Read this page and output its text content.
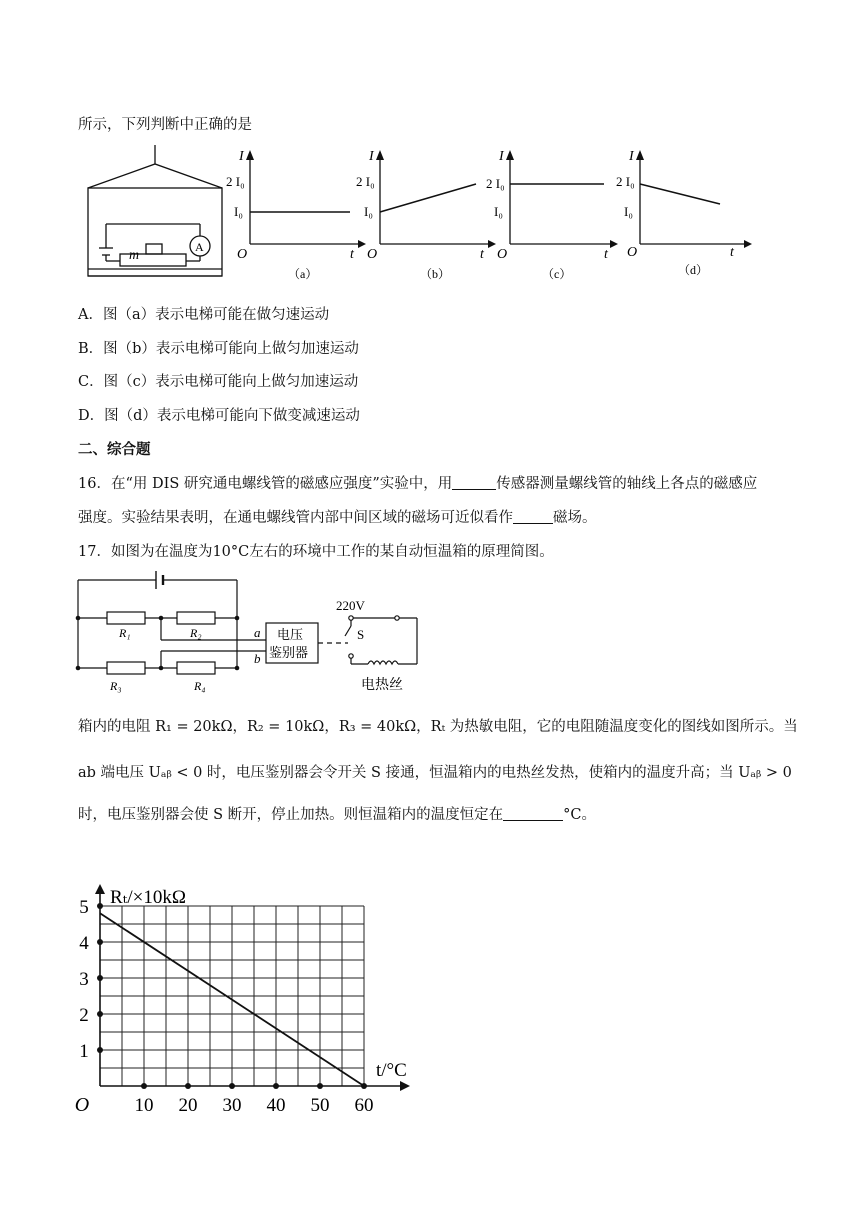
所示，下列判断中正确的是
m
A
I
2 I₀
I₀
O	t
（a）
I
2 I₀
I₀
O	t
（b）
I
2 I₀
I₀
O	t
（c）
I
2 I₀
I₀
O	t
（d）
A．图（a）表示电梯可能在做匀速运动
B．图（b）表示电梯可能向上做匀加速运动
C．图（c）表示电梯可能向上做匀加速运动
D．图（d）表示电梯可能向下做变减速运动
二、综合题
16．在“用 DIS 研究通电螺线管的磁感应强度”实验中，用	传感器测量螺线管的轴线上各点的磁感应
强度。实验结果表明，在通电螺线管内部中间区域的磁场可近似看作	磁场。
17．如图为在温度为10°C左右的环境中工作的某自动恒温箱的原理简图。
R₁	R₂
R₃	R₄
a
b
电压
鉴别器
220V
S
电热丝
箱内的电阻 R₁ = 20kΩ，R₂ = 10kΩ，R₃ = 40kΩ，Rₜ 为热敏电阻，它的电阻随温度变化的图线如图所示。当
ab 端电压 Uₐᵦ < 0 时，电压鉴别器会令开关 S 接通，恒温箱内的电热丝发热，使箱内的温度升高；当 Uₐᵦ > 0
时，电压鉴别器会使 S 断开，停止加热。则恒温箱内的温度恒定在	°C。
10 20 30 40 50 60
1
2
3
4
5
O
Rₜ/×10kΩ
t/°C
